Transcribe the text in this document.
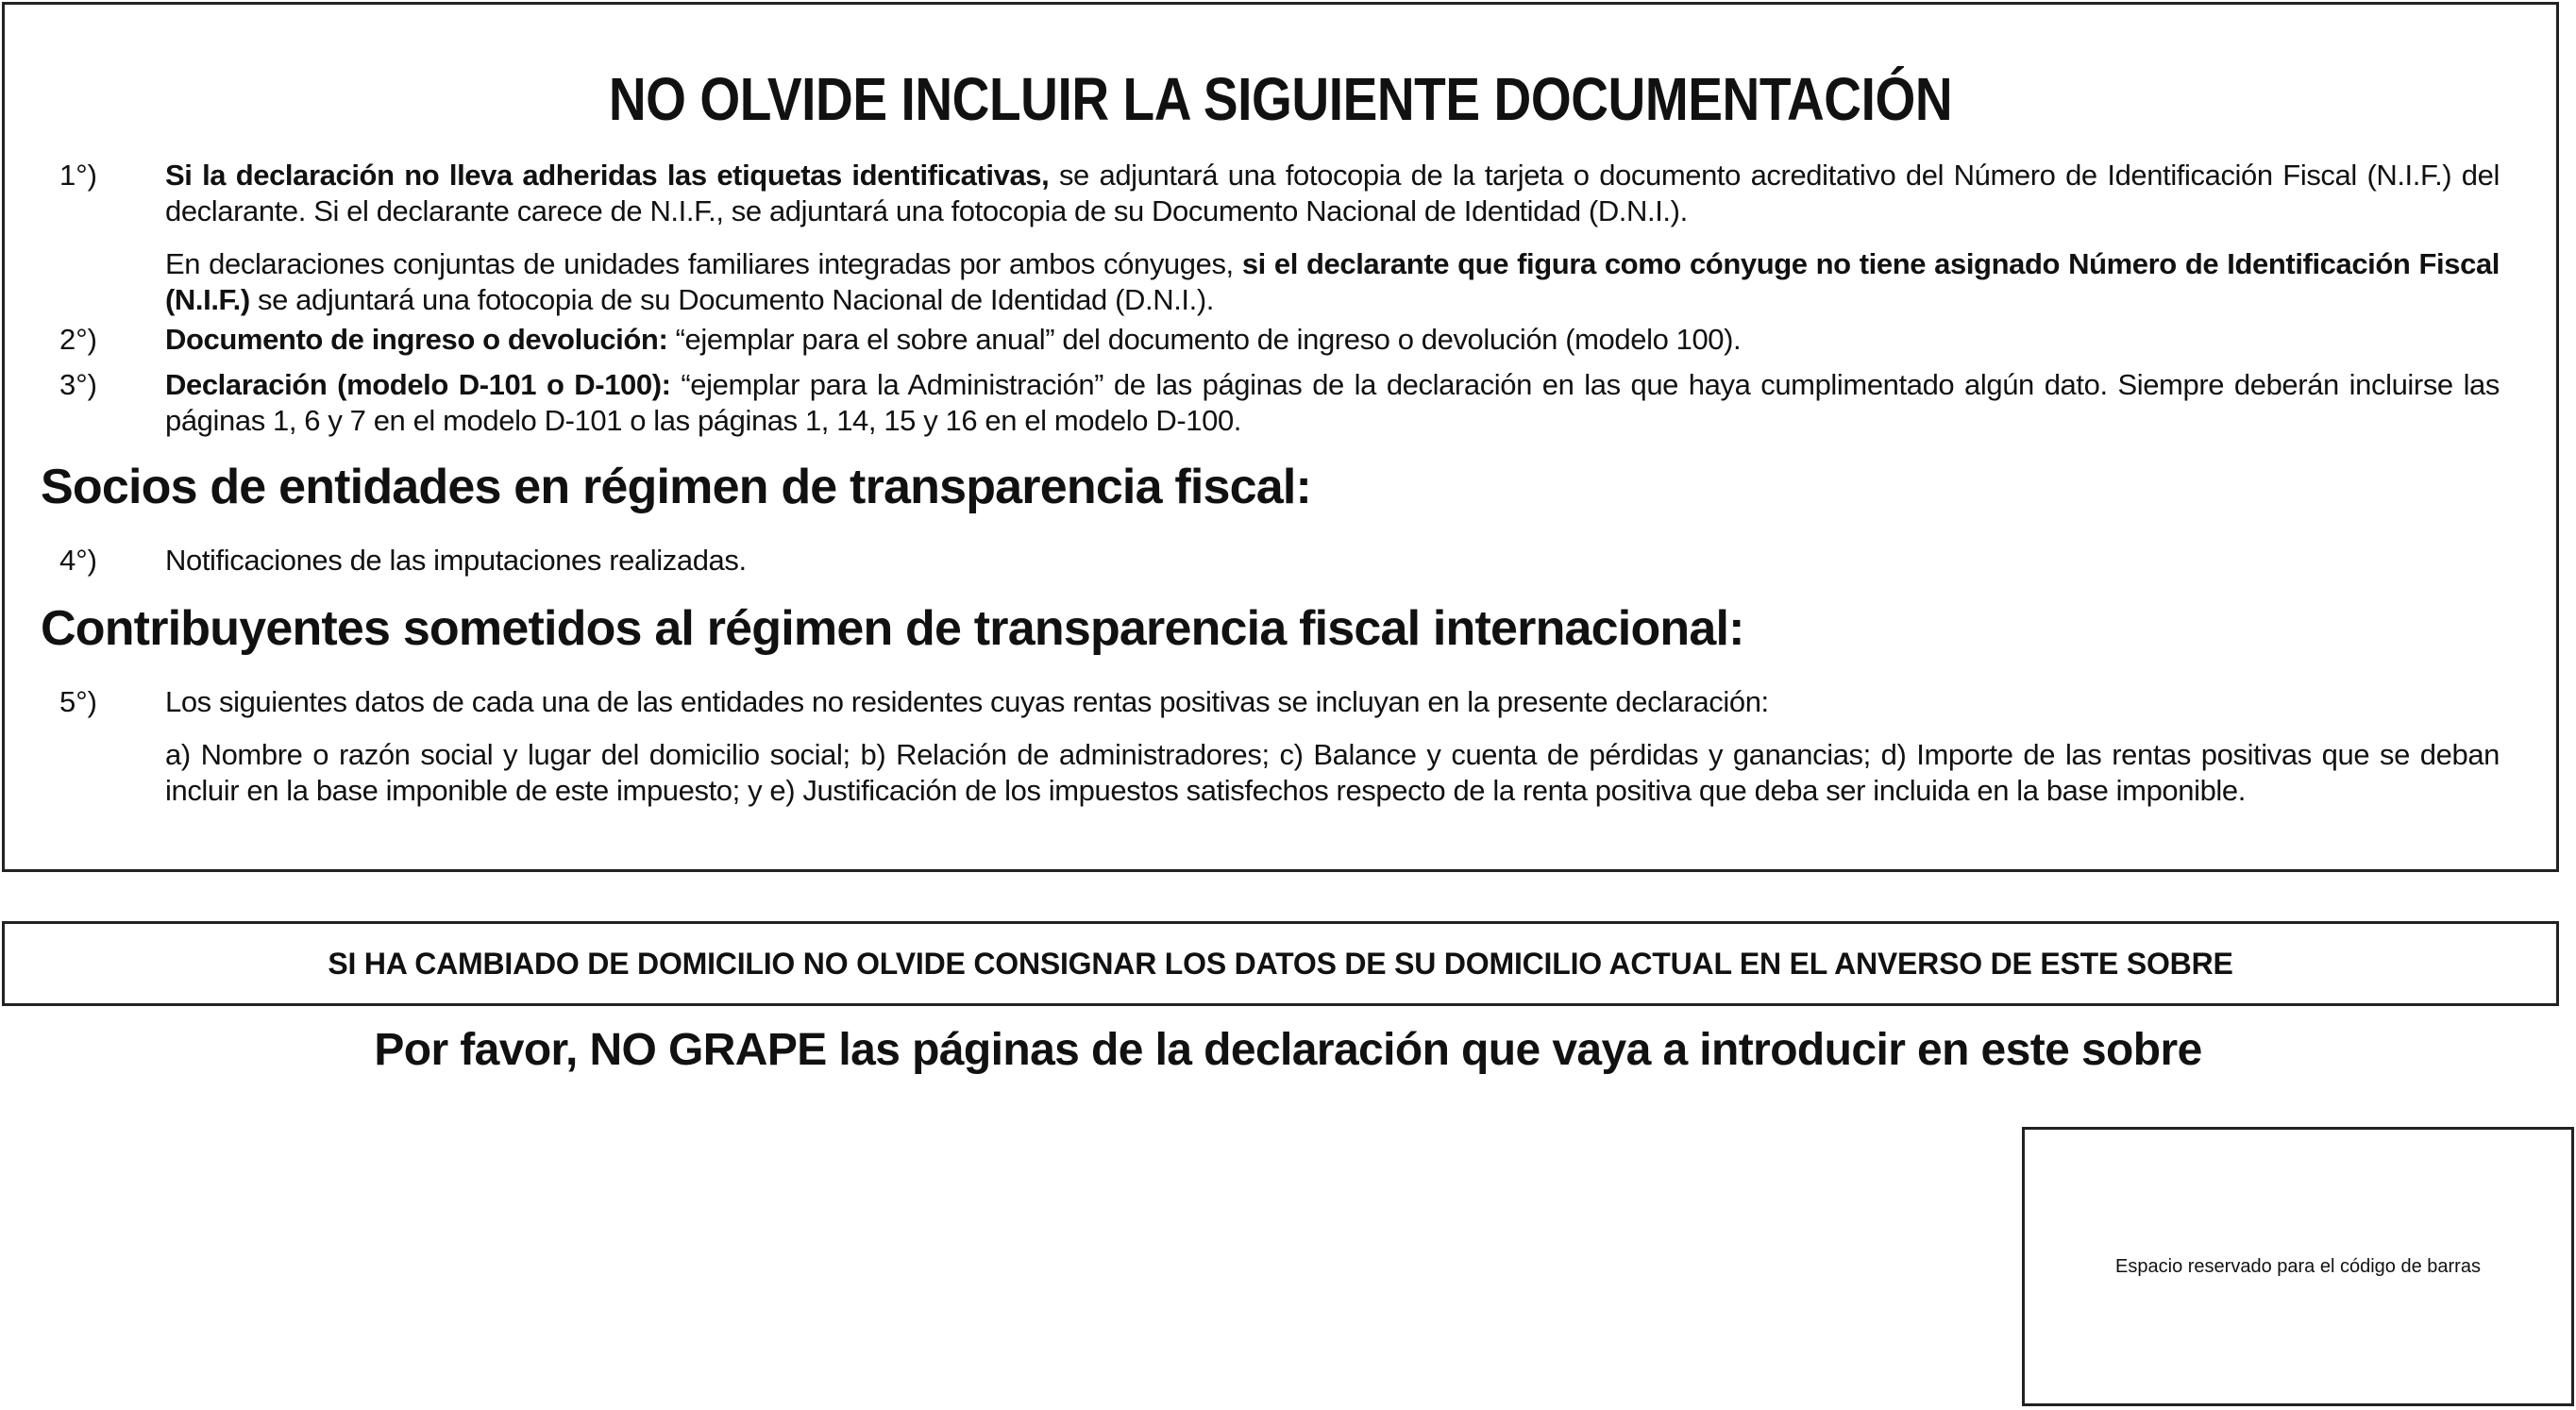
NO OLVIDE INCLUIR LA SIGUIENTE DOCUMENTACIÓN
1°) Si la declaración no lleva adheridas las etiquetas identificativas, se adjuntará una fotocopia de la tarjeta o documento acreditativo del Número de Identificación Fiscal (N.I.F.) del declarante. Si el declarante carece de N.I.F., se adjuntará una fotocopia de su Documento Nacional de Identidad (D.N.I.).

En declaraciones conjuntas de unidades familiares integradas por ambos cónyuges, si el declarante que figura como cónyuge no tiene asignado Número de Identificación Fiscal (N.I.F.) se adjuntará una fotocopia de su Documento Nacional de Identidad (D.N.I.).

2°) Documento de ingreso o devolución: “ejemplar para el sobre anual” del documento de ingreso o devolución (modelo 100).

3°) Declaración (modelo D-101 o D-100): “ejemplar para la Administración” de las páginas de la declaración en las que haya cumplimentado algún dato. Siempre deberán incluirse las páginas 1, 6 y 7 en el modelo D-101 o las páginas 1, 14, 15 y 16 en el modelo D-100.

Socios de entidades en régimen de transparencia fiscal:
4°) Notificaciones de las imputaciones realizadas.

Contribuyentes sometidos al régimen de transparencia fiscal internacional:
5°) Los siguientes datos de cada una de las entidades no residentes cuyas rentas positivas se incluyan en la presente declaración:

a) Nombre o razón social y lugar del domicilio social; b) Relación de administradores; c) Balance y cuenta de pérdidas y ganancias; d) Importe de las rentas positivas que se deban incluir en la base imponible de este impuesto; y e) Justificación de los impuestos satisfechos respecto de la renta positiva que deba ser incluida en la base imponible.

SI HA CAMBIADO DE DOMICILIO NO OLVIDE CONSIGNAR LOS DATOS DE SU DOMICILIO ACTUAL EN EL ANVERSO DE ESTE SOBRE
Por favor, NO GRAPE las páginas de la declaración que vaya a introducir en este sobre
Espacio reservado para el código de barras
